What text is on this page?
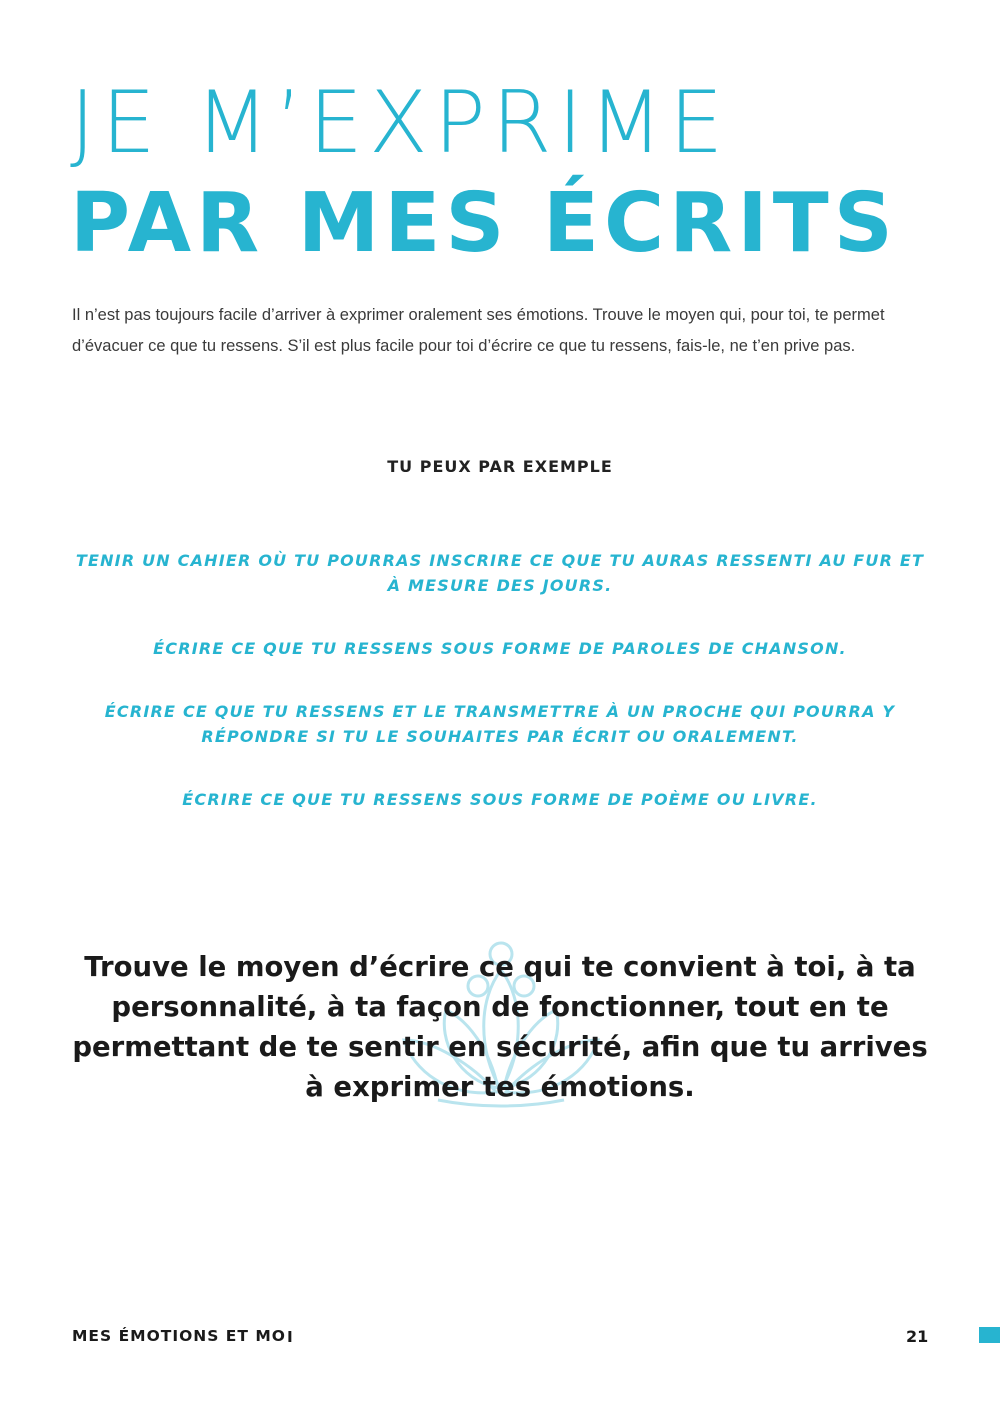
JE M’EXPRIME
PAR MES ÉCRITS

Il n’est pas toujours facile d’arriver à exprimer oralement ses émotions. Trouve le moyen qui, pour toi, te permet d’évacuer ce que tu ressens. S’il est plus facile pour toi d’écrire ce que tu ressens, fais-le, ne t’en prive pas.

TU PEUX PAR EXEMPLE

TENIR UN CAHIER OÙ TU POURRAS INSCRIRE CE QUE TU AURAS RESSENTI AU FUR ET À MESURE DES JOURS.

ÉCRIRE CE QUE TU RESSENS SOUS FORME DE PAROLES DE CHANSON.

ÉCRIRE CE QUE TU RESSENS ET LE TRANSMETTRE À UN PROCHE QUI POURRA Y RÉPONDRE SI TU LE SOUHAITES PAR ÉCRIT OU ORALEMENT.

ÉCRIRE CE QUE TU RESSENS SOUS FORME DE POÈME OU LIVRE.

Trouve le moyen d’écrire ce qui te convient à toi, à ta personnalité, à ta façon de fonctionner, tout en te permettant de te sentir en sécurité, afin que tu arrives à exprimer tes émotions.

MES ÉMOTIONS ET MOI	21
